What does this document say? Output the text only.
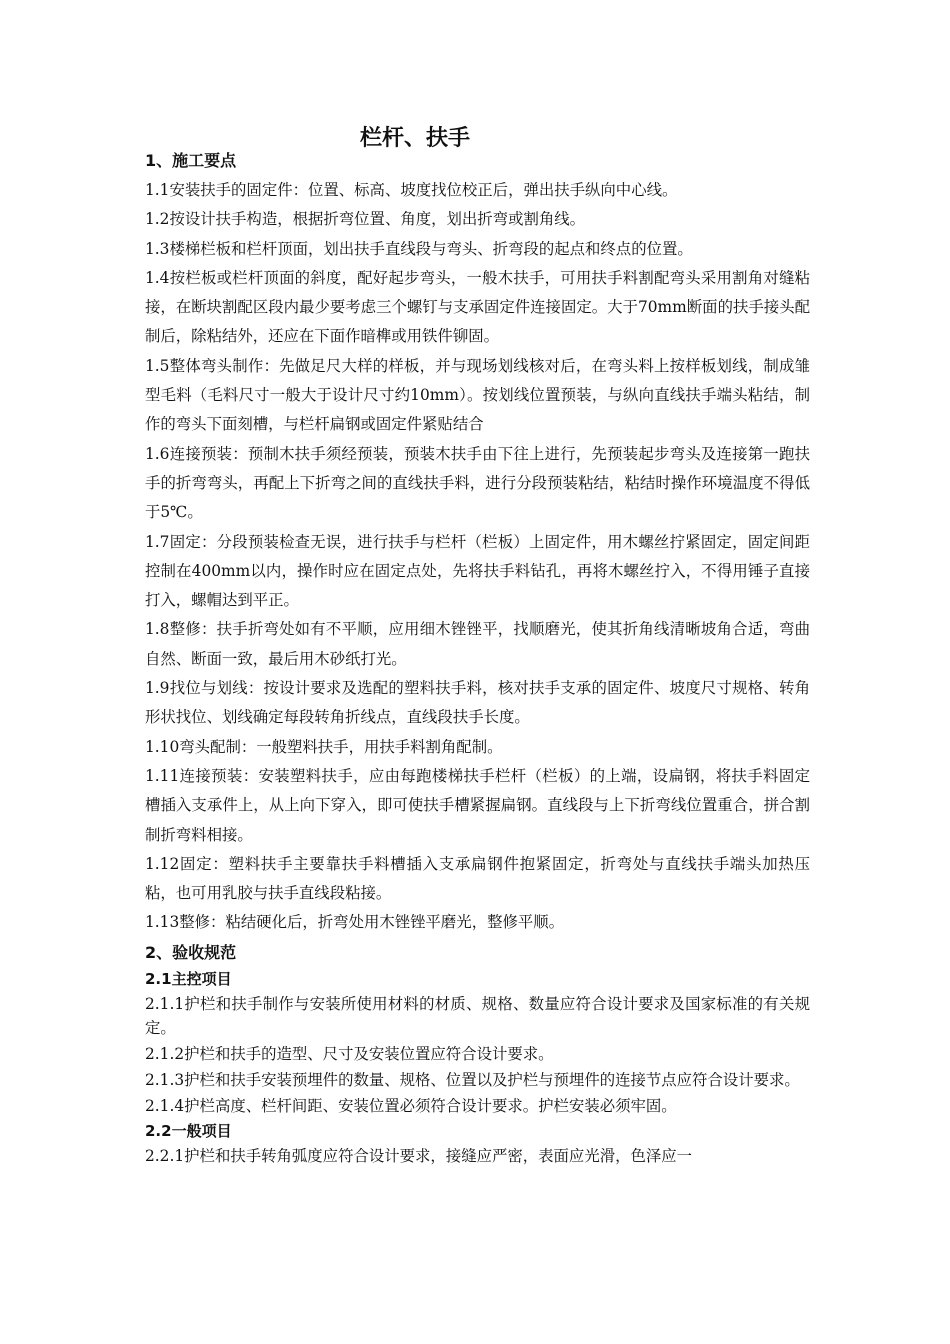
栏杆、扶手
1、施工要点

1.1安装扶手的固定件：位置、标高、坡度找位校正后，弹出扶手纵向中心线。

1.2按设计扶手构造，根据折弯位置、角度，划出折弯或割角线。

1.3楼梯栏板和栏杆顶面，划出扶手直线段与弯头、折弯段的起点和终点的位置。

1.4按栏板或栏杆顶面的斜度，配好起步弯头，一般木扶手，可用扶手料割配弯头采用割角对缝粘接，在断块割配区段内最少要考虑三个螺钉与支承固定件连接固定。大于70mm断面的扶手接头配制后，除粘结外，还应在下面作暗榫或用铁件铆固。

1.5整体弯头制作：先做足尺大样的样板，并与现场划线核对后，在弯头料上按样板划线，制成雏型毛料（毛料尺寸一般大于设计尺寸约10mm）。按划线位置预装，与纵向直线扶手端头粘结，制作的弯头下面刻槽，与栏杆扁钢或固定件紧贴结合

1.6连接预装：预制木扶手须经预装，预装木扶手由下往上进行，先预装起步弯头及连接第一跑扶手的折弯弯头，再配上下折弯之间的直线扶手料，进行分段预装粘结，粘结时操作环境温度不得低于5℃。

1.7固定：分段预装检查无误，进行扶手与栏杆（栏板）上固定件，用木螺丝拧紧固定，固定间距控制在400mm以内，操作时应在固定点处，先将扶手料钻孔，再将木螺丝拧入，不得用锤子直接打入，螺帽达到平正。

1.8整修：扶手折弯处如有不平顺，应用细木锉锉平，找顺磨光，使其折角线清晰坡角合适，弯曲自然、断面一致，最后用木砂纸打光。

1.9找位与划线：按设计要求及选配的塑料扶手料，核对扶手支承的固定件、坡度尺寸规格、转角形状找位、划线确定每段转角折线点，直线段扶手长度。

1.10弯头配制：一般塑料扶手，用扶手料割角配制。

1.11连接预装：安装塑料扶手，应由每跑楼梯扶手栏杆（栏板）的上端，设扁钢，将扶手料固定槽插入支承件上，从上向下穿入，即可使扶手槽紧握扁钢。直线段与上下折弯线位置重合，拼合割制折弯料相接。

1.12固定：塑料扶手主要靠扶手料槽插入支承扁钢件抱紧固定，折弯处与直线扶手端头加热压粘，也可用乳胶与扶手直线段粘接。

1.13整修：粘结硬化后，折弯处用木锉锉平磨光，整修平顺。

2、验收规范
2.1主控项目

2.1.1护栏和扶手制作与安装所使用材料的材质、规格、数量应符合设计要求及国家标准的有关规定。

2.1.2护栏和扶手的造型、尺寸及安装位置应符合设计要求。

2.1.3护栏和扶手安装预埋件的数量、规格、位置以及护栏与预埋件的连接节点应符合设计要求。

2.1.4护栏高度、栏杆间距、安装位置必须符合设计要求。护栏安装必须牢固。

2.2一般项目

2.2.1护栏和扶手转角弧度应符合设计要求，接缝应严密，表面应光滑，色泽应一
